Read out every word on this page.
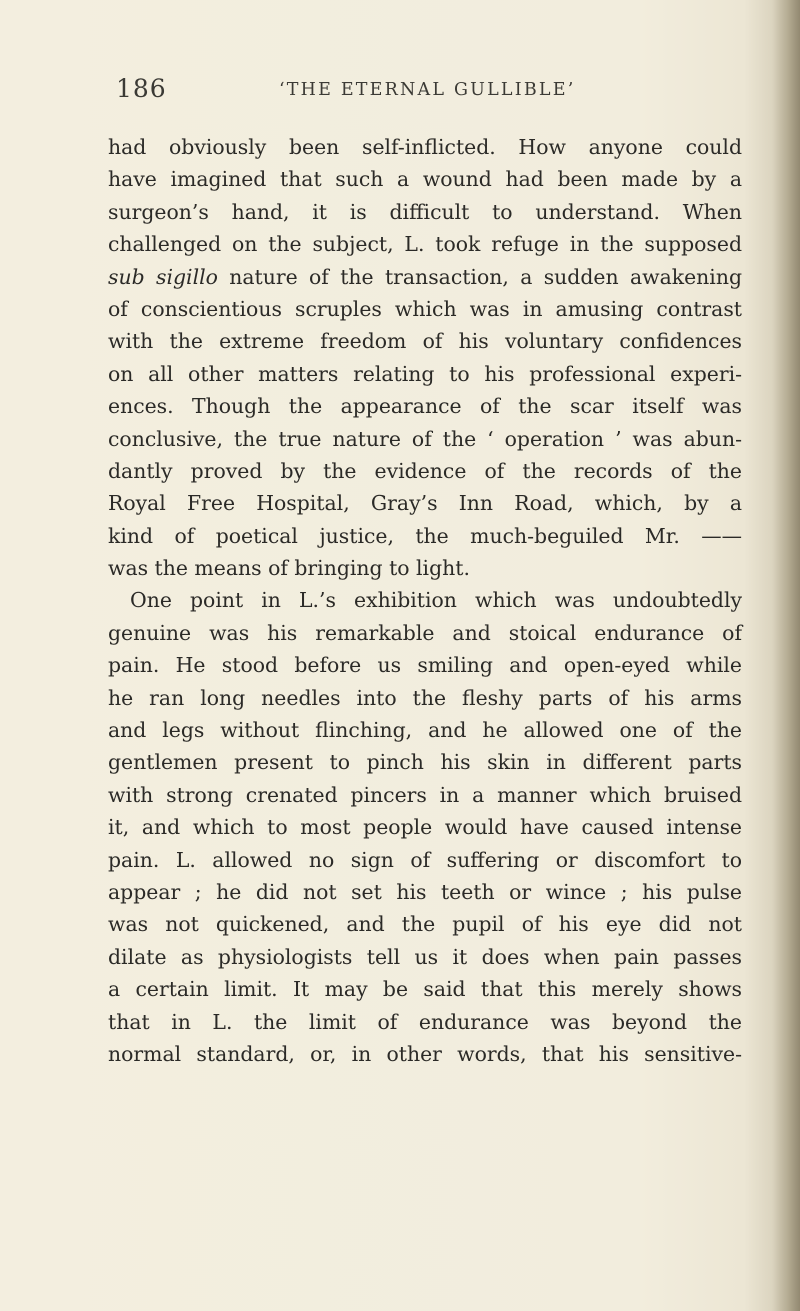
186	‘THE ETERNAL GULLIBLE’
had obviously been self-inflicted. How anyone could
have imagined that such a wound had been made by a
surgeon’s hand, it is difficult to understand. When
challenged on the subject, L. took refuge in the supposed
sub sigillo nature of the transaction, a sudden awakening
of conscientious scruples which was in amusing contrast
with the extreme freedom of his voluntary confidences
on all other matters relating to his professional experi-
ences. Though the appearance of the scar itself was
conclusive, the true nature of the ‘ operation ’ was abun-
dantly proved by the evidence of the records of the
Royal Free Hospital, Gray’s Inn Road, which, by a
kind of poetical justice, the much-beguiled Mr. ——
was the means of bringing to light.
One point in L.’s exhibition which was undoubtedly
genuine was his remarkable and stoical endurance of
pain. He stood before us smiling and open-eyed while
he ran long needles into the fleshy parts of his arms
and legs without flinching, and he allowed one of the
gentlemen present to pinch his skin in different parts
with strong crenated pincers in a manner which bruised
it, and which to most people would have caused intense
pain. L. allowed no sign of suffering or discomfort to
appear ; he did not set his teeth or wince ; his pulse
was not quickened, and the pupil of his eye did not
dilate as physiologists tell us it does when pain passes
a certain limit. It may be said that this merely shows
that in L. the limit of endurance was beyond the
normal standard, or, in other words, that his sensitive-
